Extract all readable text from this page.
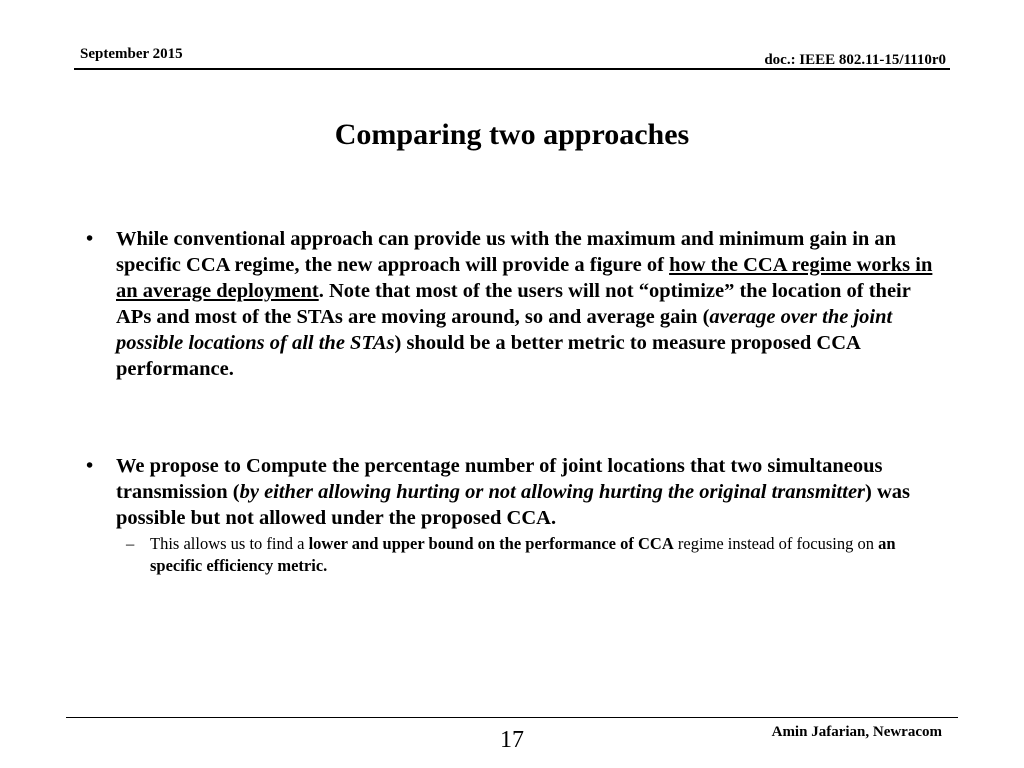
September 2015	doc.: IEEE 802.11-15/1110r0
Comparing two approaches
• While conventional approach can provide us with the maximum and minimum gain in an specific CCA regime, the new approach will provide a figure of how the CCA regime works in an average deployment. Note that most of the users will not “optimize” the location of their APs and most of the STAs are moving around, so and average gain (average over the joint possible locations of all the STAs) should be a better metric to measure proposed CCA performance.
• We propose to Compute the percentage number of joint locations that two simultaneous transmission (by either allowing hurting or not allowing hurting the original transmitter) was possible but not allowed under the proposed CCA.
– This allows us to find a lower and upper bound on the performance of CCA regime instead of focusing on an specific efficiency metric.
17	Amin Jafarian, Newracom
